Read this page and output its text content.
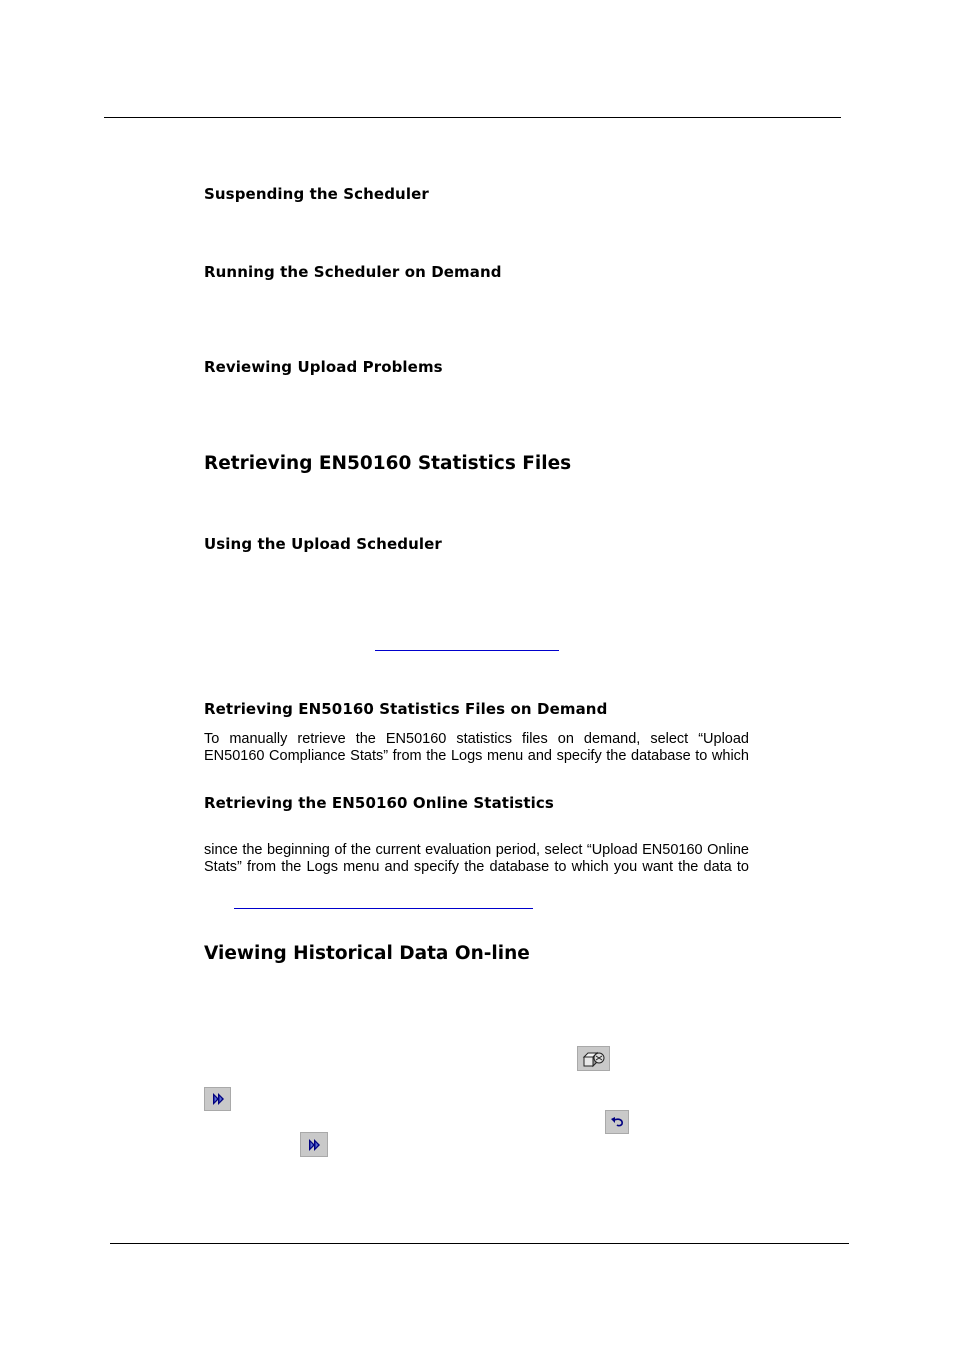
Suspending the Scheduler
Running the Scheduler on Demand
Reviewing Upload Problems
Retrieving EN50160 Statistics Files
Using the Upload Scheduler
Retrieving EN50160 Statistics Files on Demand
To manually retrieve the EN50160 statistics files on demand, select “Upload
EN50160 Compliance Stats” from the Logs menu and specify the database to which
Retrieving the EN50160 Online Statistics
since the beginning of the current evaluation period, select “Upload EN50160 Online
Stats” from the Logs menu and specify the database to which you want the data to
Viewing Historical Data On-line
